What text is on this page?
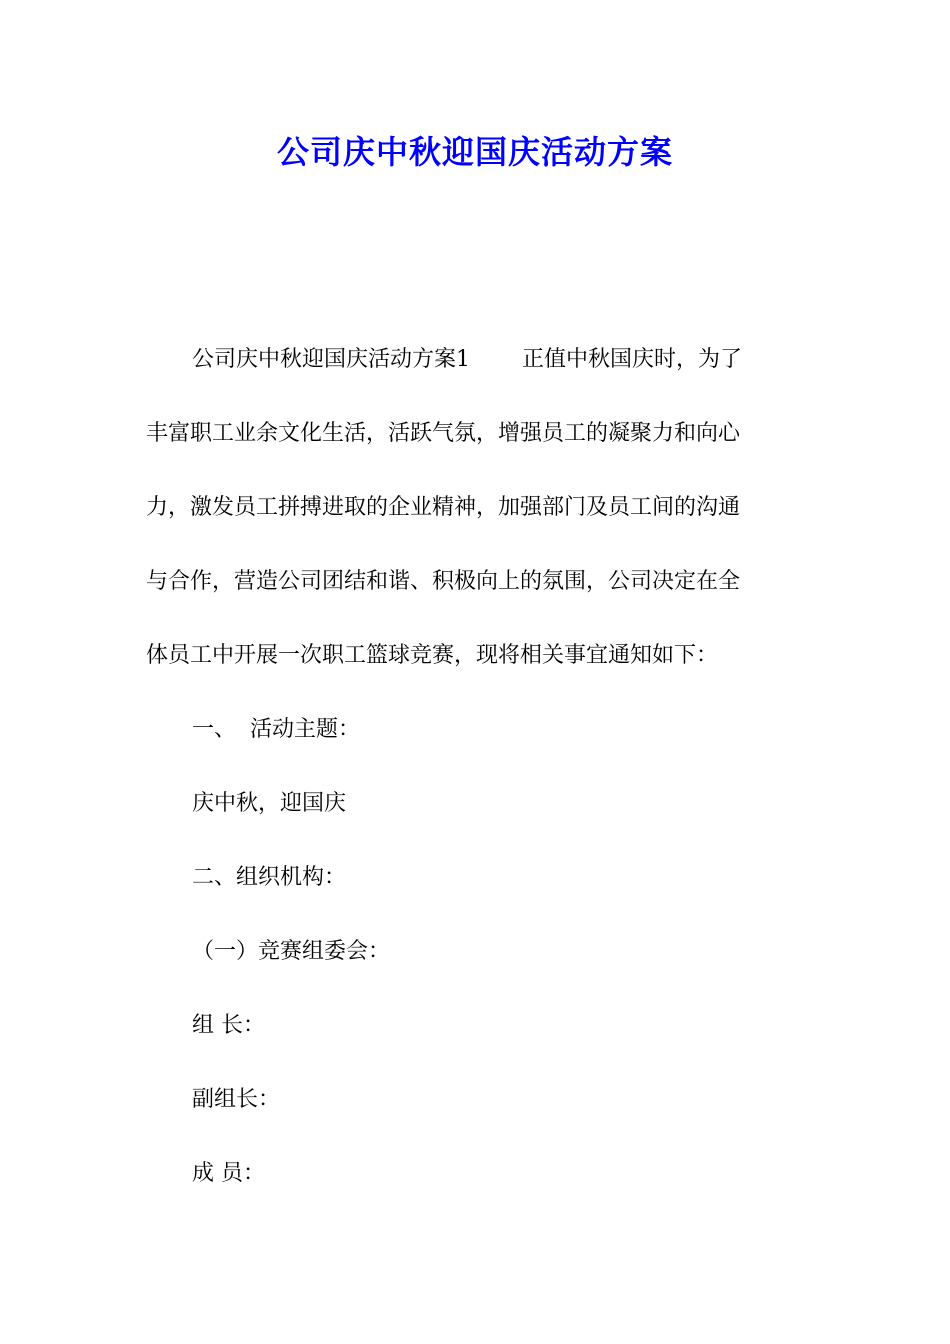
公司庆中秋迎国庆活动方案
公司庆中秋迎国庆活动方案1 正值中秋国庆时，为了
丰富职工业余文化生活，活跃气氛，增强员工的凝聚力和向心
力，激发员工拼搏进取的企业精神，加强部门及员工间的沟通
与合作，营造公司团结和谐、积极向上的氛围，公司决定在全
体员工中开展一次职工篮球竞赛，现将相关事宜通知如下：
一、 活动主题：
庆中秋，迎国庆
二、组织机构：
（一）竞赛组委会：
组 长：
副组长：
成 员：
